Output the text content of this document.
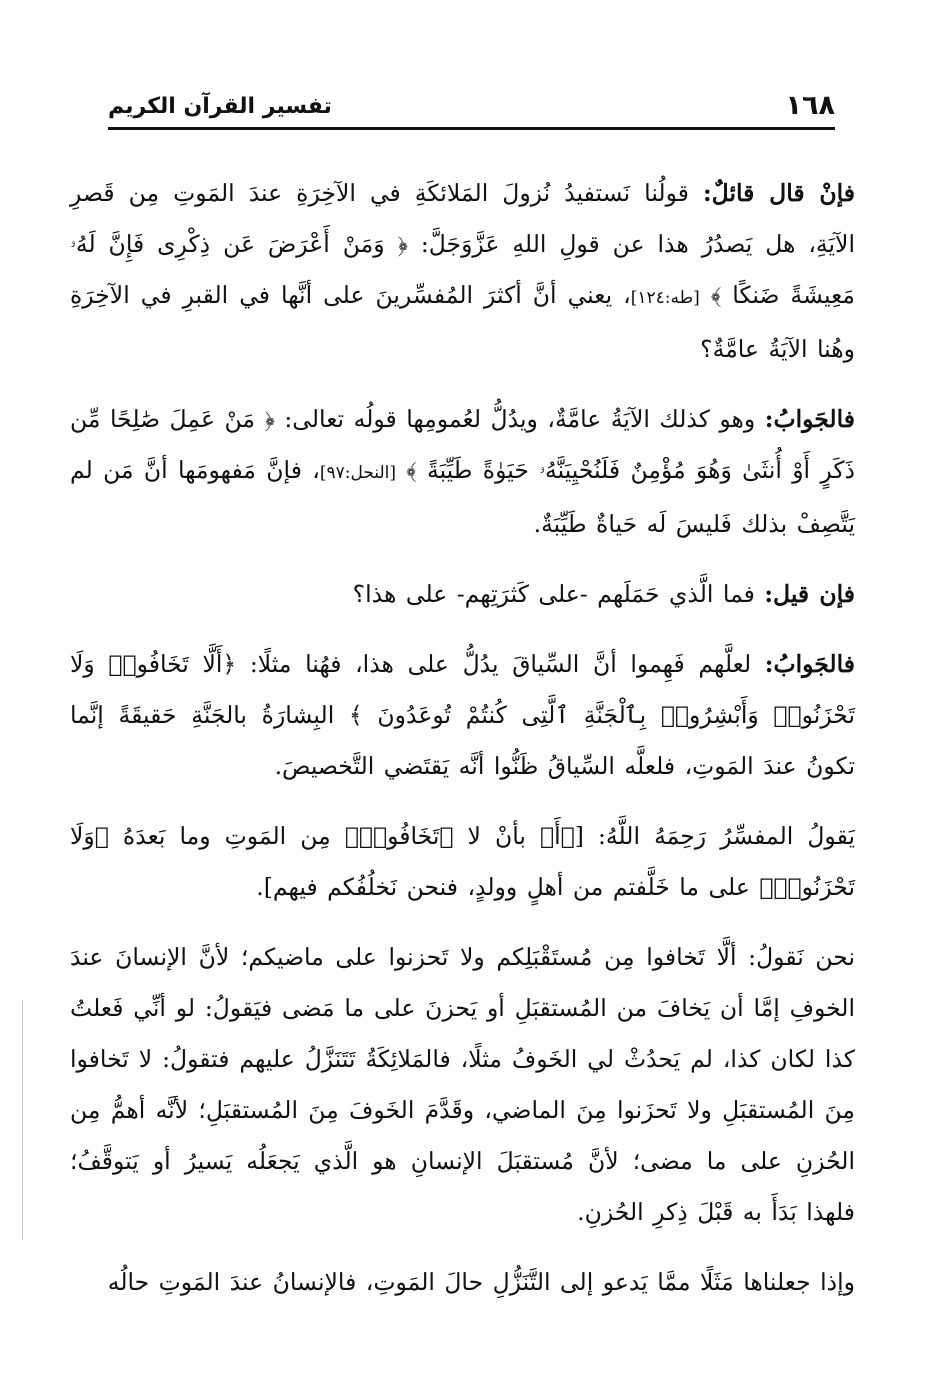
١٦٨
تفسير القرآن الكريم

فإنْ قال قائلٌ: قولُنا نَستفيدُ نُزولَ المَلائكَةِ في الآخِرَةِ عندَ المَوتِ مِن قَصرِ الآيَةِ، هل يَصدُرُ هذا عن قولِ اللهِ عَزَّوَجَلَّ: ﴿ وَمَنْ أَعْرَضَ عَن ذِكْرِى فَإِنَّ لَهُۥ مَعِيشَةً ضَنكًا ﴾ [طه:١٢٤]، يعني أنَّ أكثرَ المُفسِّرينَ على أنَّها في القبرِ في الآخِرَةِ وهُنا الآيَةُ عامَّةٌ؟

فالجَوابُ: وهو كذلك الآيَةُ عامَّةٌ، ويدُلُّ لعُمومِها قولُه تعالى: ﴿ مَنْ عَمِلَ صَٰلِحًا مِّن ذَكَرٍ أَوْ أُنثَىٰ وَهُوَ مُؤْمِنٌ فَلَنُحْيِيَنَّهُۥ حَيَوٰةً طَيِّبَةً ﴾ [النحل:٩٧]، فإنَّ مَفهومَها أنَّ مَن لم يَتَّصِفْ بذلك فَليسَ لَه حَياةٌ طَيِّبَةٌ.

فإن قيل: فما الَّذي حَمَلَهم -على كَثرَتِهم- على هذا؟

فالجَوابُ: لعلَّهم فَهِموا أنَّ السِّياقَ يدُلُّ على هذا، فهُنا مثلًا: ﴿أَلَّا تَخَافُوا۟ وَلَا تَحْزَنُوا۟ وَأَبْشِرُوا۟ بِٱلْجَنَّةِ ٱلَّتِى كُنتُمْ تُوعَدُونَ ﴾ البِشارَةُ بالجَنَّةِ حَقيقَةً إنَّما تكونُ عندَ المَوتِ، فلعلَّه السِّياقُ ظَنُّوا أنَّه يَقتَضي التَّخصيصَ.

يَقولُ المفسِّرُ رَحِمَهُ اللَّهُ: [﴿أَ﴾ بأنْ لا ﴿تَخَافُوا۟﴾ مِن المَوتِ وما بَعدَهُ ﴿وَلَا تَحْزَنُوا۟﴾ على ما خَلَّفتم من أهلٍ وولدٍ، فنحن نَخلُفُكم فيهم].

نحن نَقولُ: ألَّا تَخافوا مِن مُستَقْبَلِكم ولا تَحزنوا على ماضيكم؛ لأنَّ الإنسانَ عندَ الخوفِ إمَّا أن يَخافَ من المُستقبَلِ أو يَحزنَ على ما مَضى فيَقولُ: لو أنِّي فَعلتُ كذا لكان كذا، لم يَحدُثْ لي الخَوفُ مثلًا، فالمَلائِكَةُ تَتَنَزَّلُ عليهم فتقولُ: لا تَخافوا مِنَ المُستقبَلِ ولا تَحزَنوا مِنَ الماضي، وقَدَّمَ الخَوفَ مِنَ المُستقبَلِ؛ لأنَّه أهمُّ مِن الحُزنِ على ما مضى؛ لأنَّ مُستقبَلَ الإنسانِ هو الَّذي يَجعَلُه يَسيرُ أو يَتوقَّفُ؛ فلهذا بَدَأَ به قَبْلَ ذِكرِ الحُزنِ.

وإذا جعلناها مَثَلًا ممَّا يَدعو إلى التَّنَزُّلِ حالَ المَوتِ، فالإنسانُ عندَ المَوتِ حالُه
